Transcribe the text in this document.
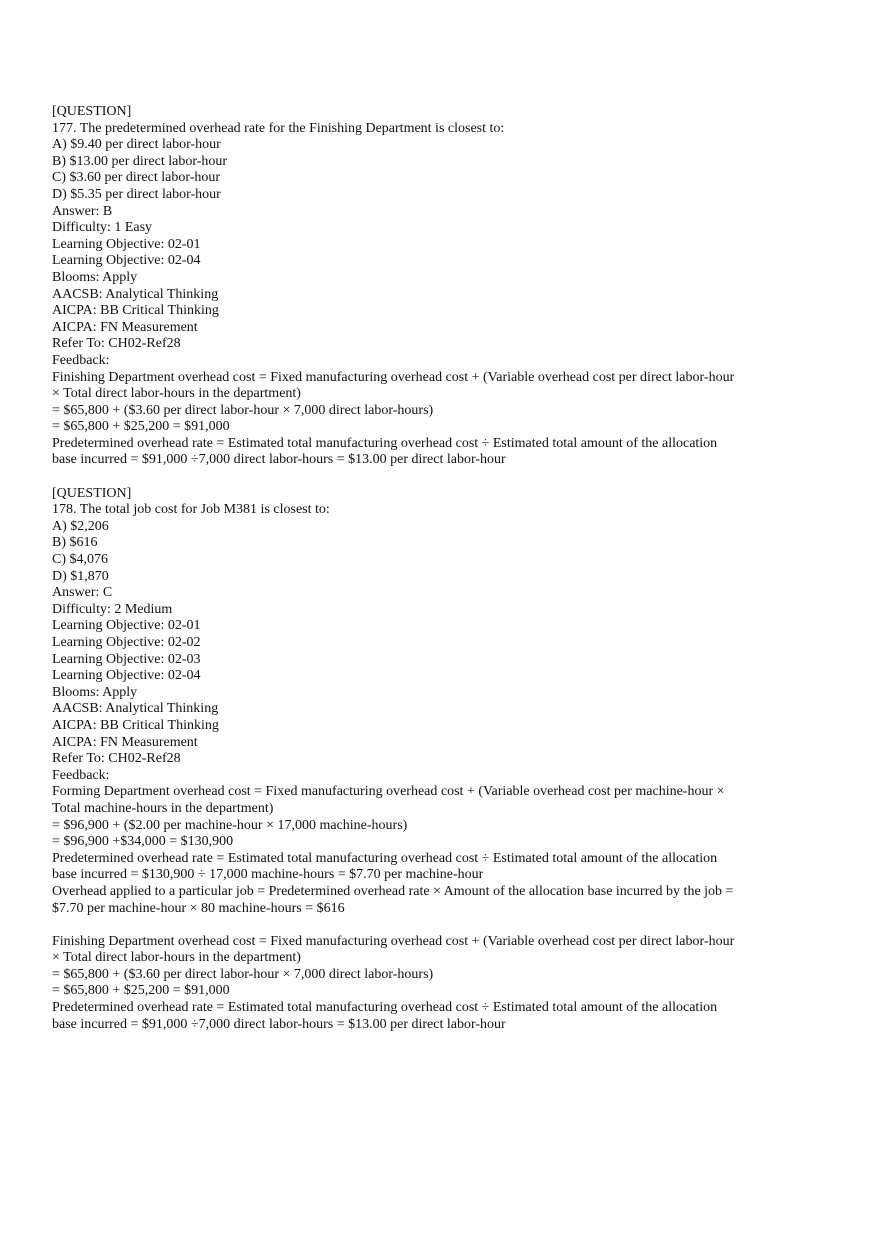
[QUESTION]
177. The predetermined overhead rate for the Finishing Department is closest to:
A) $9.40 per direct labor-hour
B) $13.00 per direct labor-hour
C) $3.60 per direct labor-hour
D) $5.35 per direct labor-hour
Answer: B
Difficulty: 1 Easy
Learning Objective: 02-01
Learning Objective: 02-04
Blooms: Apply
AACSB: Analytical Thinking
AICPA: BB Critical Thinking
AICPA: FN Measurement
Refer To: CH02-Ref28
Feedback:
Finishing Department overhead cost = Fixed manufacturing overhead cost + (Variable overhead cost per direct labor-hour
× Total direct labor-hours in the department)
= $65,800 + ($3.60 per direct labor-hour × 7,000 direct labor-hours)
= $65,800 + $25,200 = $91,000
Predetermined overhead rate = Estimated total manufacturing overhead cost ÷ Estimated total amount of the allocation
base incurred = $91,000 ÷7,000 direct labor-hours = $13.00 per direct labor-hour
[QUESTION]
178. The total job cost for Job M381 is closest to:
A) $2,206
B) $616
C) $4,076
D) $1,870
Answer: C
Difficulty: 2 Medium
Learning Objective: 02-01
Learning Objective: 02-02
Learning Objective: 02-03
Learning Objective: 02-04
Blooms: Apply
AACSB: Analytical Thinking
AICPA: BB Critical Thinking
AICPA: FN Measurement
Refer To: CH02-Ref28
Feedback:
Forming Department overhead cost = Fixed manufacturing overhead cost + (Variable overhead cost per machine-hour ×
Total machine-hours in the department)
= $96,900 + ($2.00 per machine-hour × 17,000 machine-hours)
= $96,900 +$34,000 = $130,900
Predetermined overhead rate = Estimated total manufacturing overhead cost ÷ Estimated total amount of the allocation
base incurred = $130,900 ÷ 17,000 machine-hours = $7.70 per machine-hour
Overhead applied to a particular job = Predetermined overhead rate × Amount of the allocation base incurred by the job =
$7.70 per machine-hour × 80 machine-hours = $616
Finishing Department overhead cost = Fixed manufacturing overhead cost + (Variable overhead cost per direct labor-hour
× Total direct labor-hours in the department)
= $65,800 + ($3.60 per direct labor-hour × 7,000 direct labor-hours)
= $65,800 + $25,200 = $91,000
Predetermined overhead rate = Estimated total manufacturing overhead cost ÷ Estimated total amount of the allocation
base incurred = $91,000 ÷7,000 direct labor-hours = $13.00 per direct labor-hour
